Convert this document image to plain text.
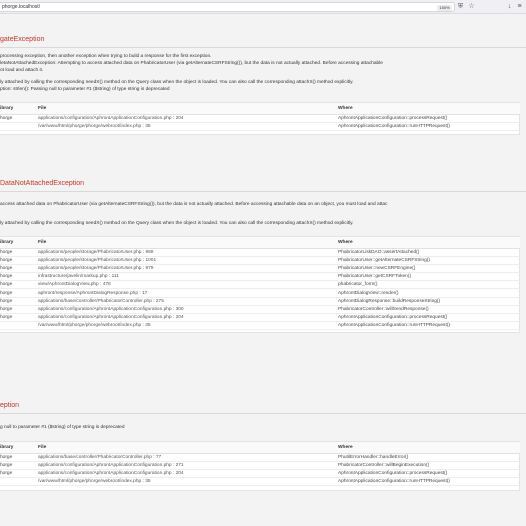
phorge.localhost/	150%	⛨ ☆	↓ ≡
gateException
processing exception, then another exception when trying to build a response for the first exception.
letaNotAttachedException: Attempting to access attached data on PhabricatorUser (via getAlternateCSRFString()), but the data is not actually attached. Before accessing attachable
ot load and attach it.
ly attached by calling the corresponding needX() method on the Query class when the object is loaded. You can also call the corresponding attachX() method explicitly.
ption: strlen(): Passing null to parameter #1 ($string) of type string is deprecated
ibrary	File	Where
horge	applications/configuration/AphrontApplicationConfiguration.php : 204	AphrontApplicationConfiguration::processRequest()
	/var/www/html/phorge/phorge/webroot/index.php : 35	AphrontApplicationConfiguration::runHTTPRequest()
DataNotAttachedException
access attached data on PhabricatorUser (via getAlternateCSRFString()), but the data is not actually attached. Before accessing attachable data on an object, you must load and attac
ly attached by calling the corresponding needX() method on the Query class when the object is loaded. You can also call the corresponding attachX() method explicitly.
ibrary	File	Where
horge	applications/people/storage/PhabricatorUser.php : 989	PhabricatorLiskDAO::assertAttached()
horge	applications/people/storage/PhabricatorUser.php : 1001	PhabricatorUser::getAlternateCSRFString()
horge	applications/people/storage/PhabricatorUser.php : 979	PhabricatorUser::newCSRFEngine()
horge	infrastructure/javelin/markup.php : 111	PhabricatorUser::getCSRFToken()
horge	view/AphrontDialogView.php : 478	phabricator_form()
horge	aphront/response/AphrontDialogResponse.php : 17	AphrontDialogView::render()
horge	applications/base/controller/PhabricatorController.php : 275	AphrontDialogResponse::buildResponseString()
horge	applications/configuration/AphrontApplicationConfiguration.php : 300	PhabricatorController::willSendResponse()
horge	applications/configuration/AphrontApplicationConfiguration.php : 204	AphrontApplicationConfiguration::processRequest()
	/var/www/html/phorge/phorge/webroot/index.php : 35	AphrontApplicationConfiguration::runHTTPRequest()
eption
g null to parameter #1 ($string) of type string is deprecated
ibrary	File	Where
horge	applications/base/controller/PhabricatorController.php : 77	PhutilErrorHandler::handleError()
horge	applications/configuration/AphrontApplicationConfiguration.php : 271	PhabricatorController::willBeginExecution()
horge	applications/configuration/AphrontApplicationConfiguration.php : 204	AphrontApplicationConfiguration::processRequest()
	/var/www/html/phorge/phorge/webroot/index.php : 35	AphrontApplicationConfiguration::runHTTPRequest()
